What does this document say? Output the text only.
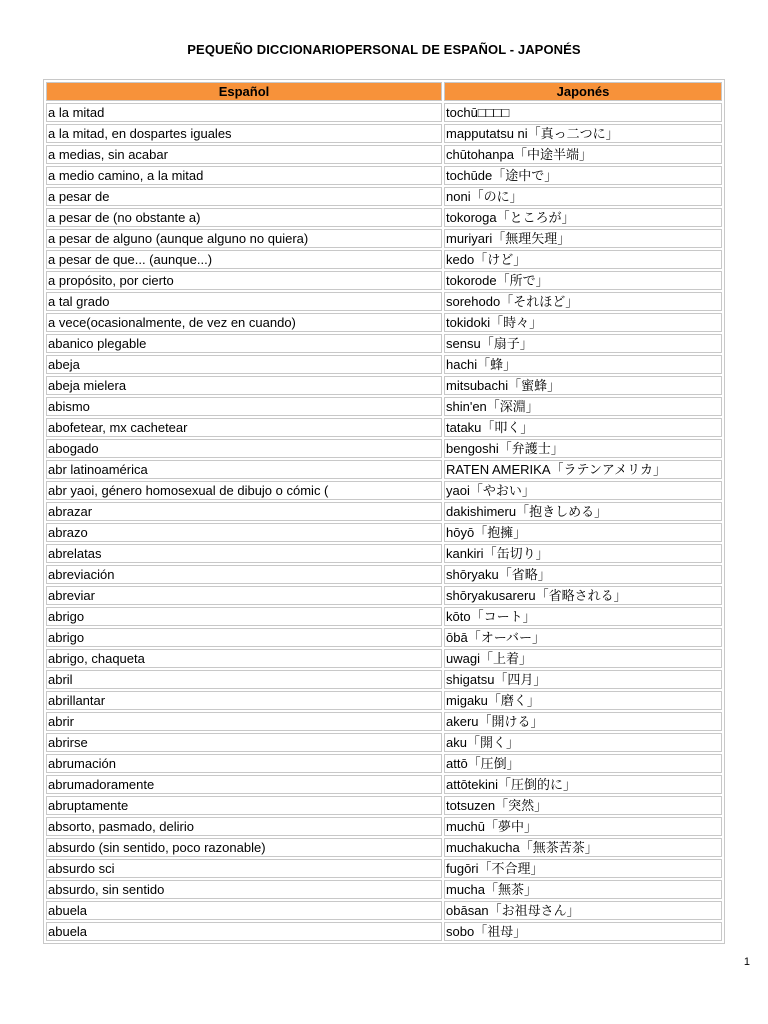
PEQUEÑO DICCIONARIOPERSONAL DE ESPAÑOL - JAPONÉS
Español	Japonés
a la mitad	tochū□□□□
a la mitad, en dospartes iguales	mapputatsu ni「真っ二つに」
a medias, sin acabar	chūtohanpa「中途半端」
a medio camino, a la mitad	tochūde「途中で」
a pesar de	noni「のに」
a pesar de (no obstante a)	tokoroga「ところが」
a pesar de alguno (aunque alguno no quiera)	muriyari「無理矢理」
a pesar de que... (aunque...)	kedo「けど」
a propósito, por cierto	tokorode「所で」
a tal grado	sorehodo「それほど」
a vece(ocasionalmente, de vez en cuando)	tokidoki「時々」
abanico plegable	sensu「扇子」
abeja	hachi「蜂」
abeja mielera	mitsubachi「蜜蜂」
abismo	shin'en「深淵」
abofetear, mx cachetear	tataku「叩く」
abogado	bengoshi「弁護士」
abr latinoamérica	RATEN AMERIKA「ラテンアメリカ」
abr yaoi, género homosexual de dibujo o cómic (	yaoi「やおい」
abrazar	dakishimeru「抱きしめる」
abrazo	hōyō「抱擁」
abrelatas	kankiri「缶切り」
abreviación	shōryaku「省略」
abreviar	shōryakusareru「省略される」
abrigo	kōto「コート」
abrigo	ōbā「オーバー」
abrigo, chaqueta	uwagi「上着」
abril	shigatsu「四月」
abrillantar	migaku「磨く」
abrir	akeru「開ける」
abrirse	aku「開く」
abrumación	attō「圧倒」
abrumadoramente	attōtekini「圧倒的に」
abruptamente	totsuzen「突然」
absorto, pasmado, delirio	muchū「夢中」
absurdo (sin sentido, poco razonable)	muchakucha「無茶苦茶」
absurdo sci	fugōri「不合理」
absurdo, sin sentido	mucha「無茶」
abuela	obāsan「お祖母さん」
abuela	sobo「祖母」
1
